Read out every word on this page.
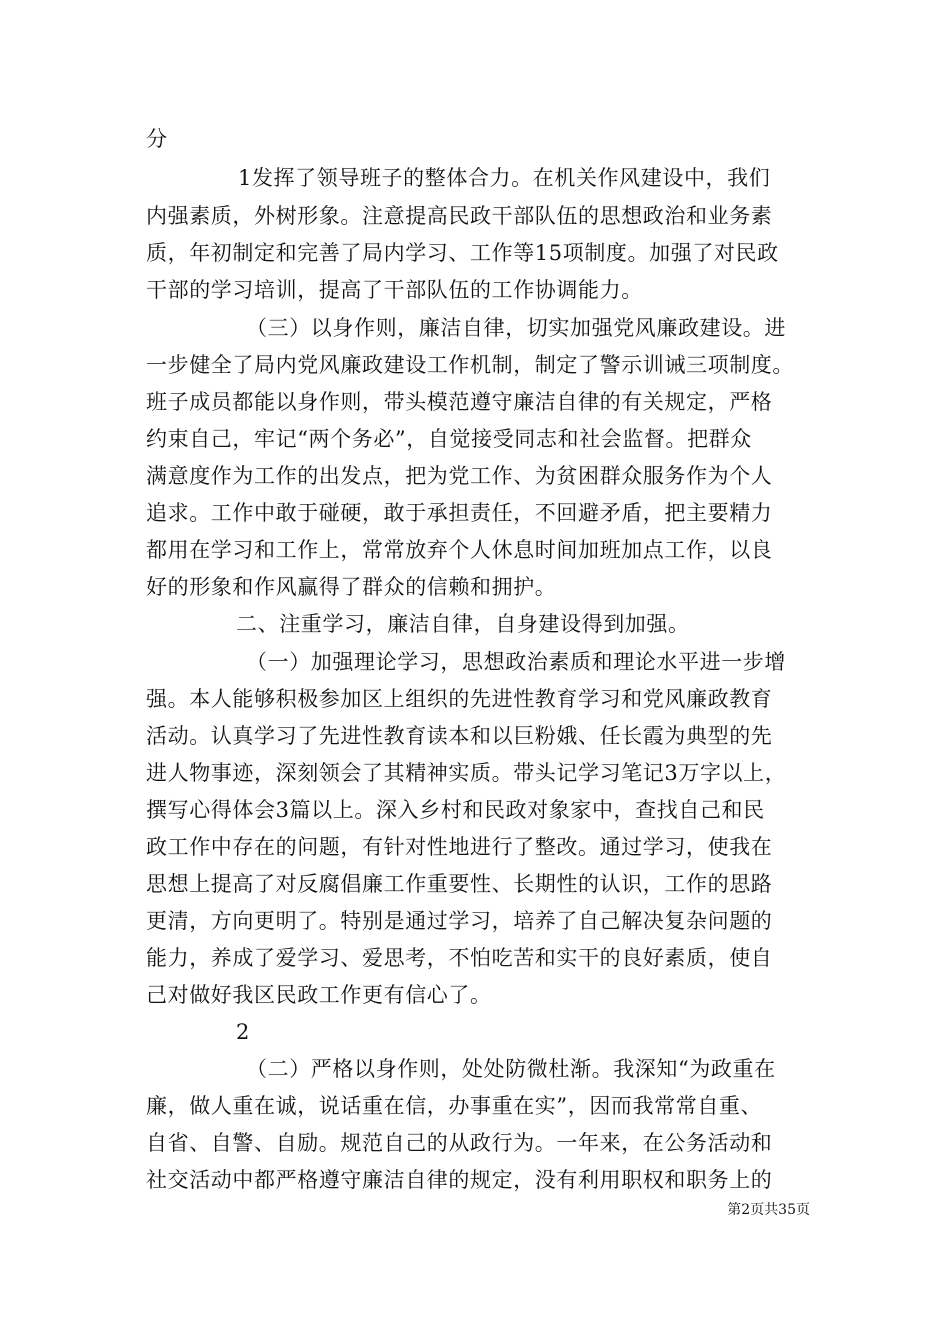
分
1发挥了领导班子的整体合力。在机关作风建设中，我们
内强素质，外树形象。注意提高民政干部队伍的思想政治和业务素
质，年初制定和完善了局内学习、工作等15项制度。加强了对民政
干部的学习培训，提高了干部队伍的工作协调能力。
（三）以身作则，廉洁自律，切实加强党风廉政建设。进
一步健全了局内党风廉政建设工作机制，制定了警示训诫三项制度。
班子成员都能以身作则，带头模范遵守廉洁自律的有关规定，严格
约束自己，牢记“两个务必”，自觉接受同志和社会监督。把群众
满意度作为工作的出发点，把为党工作、为贫困群众服务作为个人
追求。工作中敢于碰硬，敢于承担责任，不回避矛盾，把主要精力
都用在学习和工作上，常常放弃个人休息时间加班加点工作，以良
好的形象和作风赢得了群众的信赖和拥护。
二、注重学习，廉洁自律，自身建设得到加强。
（一）加强理论学习，思想政治素质和理论水平进一步增
强。本人能够积极参加区上组织的先进性教育学习和党风廉政教育
活动。认真学习了先进性教育读本和以巨粉娥、任长霞为典型的先
进人物事迹，深刻领会了其精神实质。带头记学习笔记3万字以上，
撰写心得体会3篇以上。深入乡村和民政对象家中，查找自己和民
政工作中存在的问题，有针对性地进行了整改。通过学习，使我在
思想上提高了对反腐倡廉工作重要性、长期性的认识，工作的思路
更清，方向更明了。特别是通过学习，培养了自己解决复杂问题的
能力，养成了爱学习、爱思考，不怕吃苦和实干的良好素质，使自
己对做好我区民政工作更有信心了。
2
（二）严格以身作则，处处防微杜渐。我深知“为政重在
廉，做人重在诚，说话重在信，办事重在实”，因而我常常自重、
自省、自警、自励。规范自己的从政行为。一年来，在公务活动和
社交活动中都严格遵守廉洁自律的规定，没有利用职权和职务上的
第2页共35页
